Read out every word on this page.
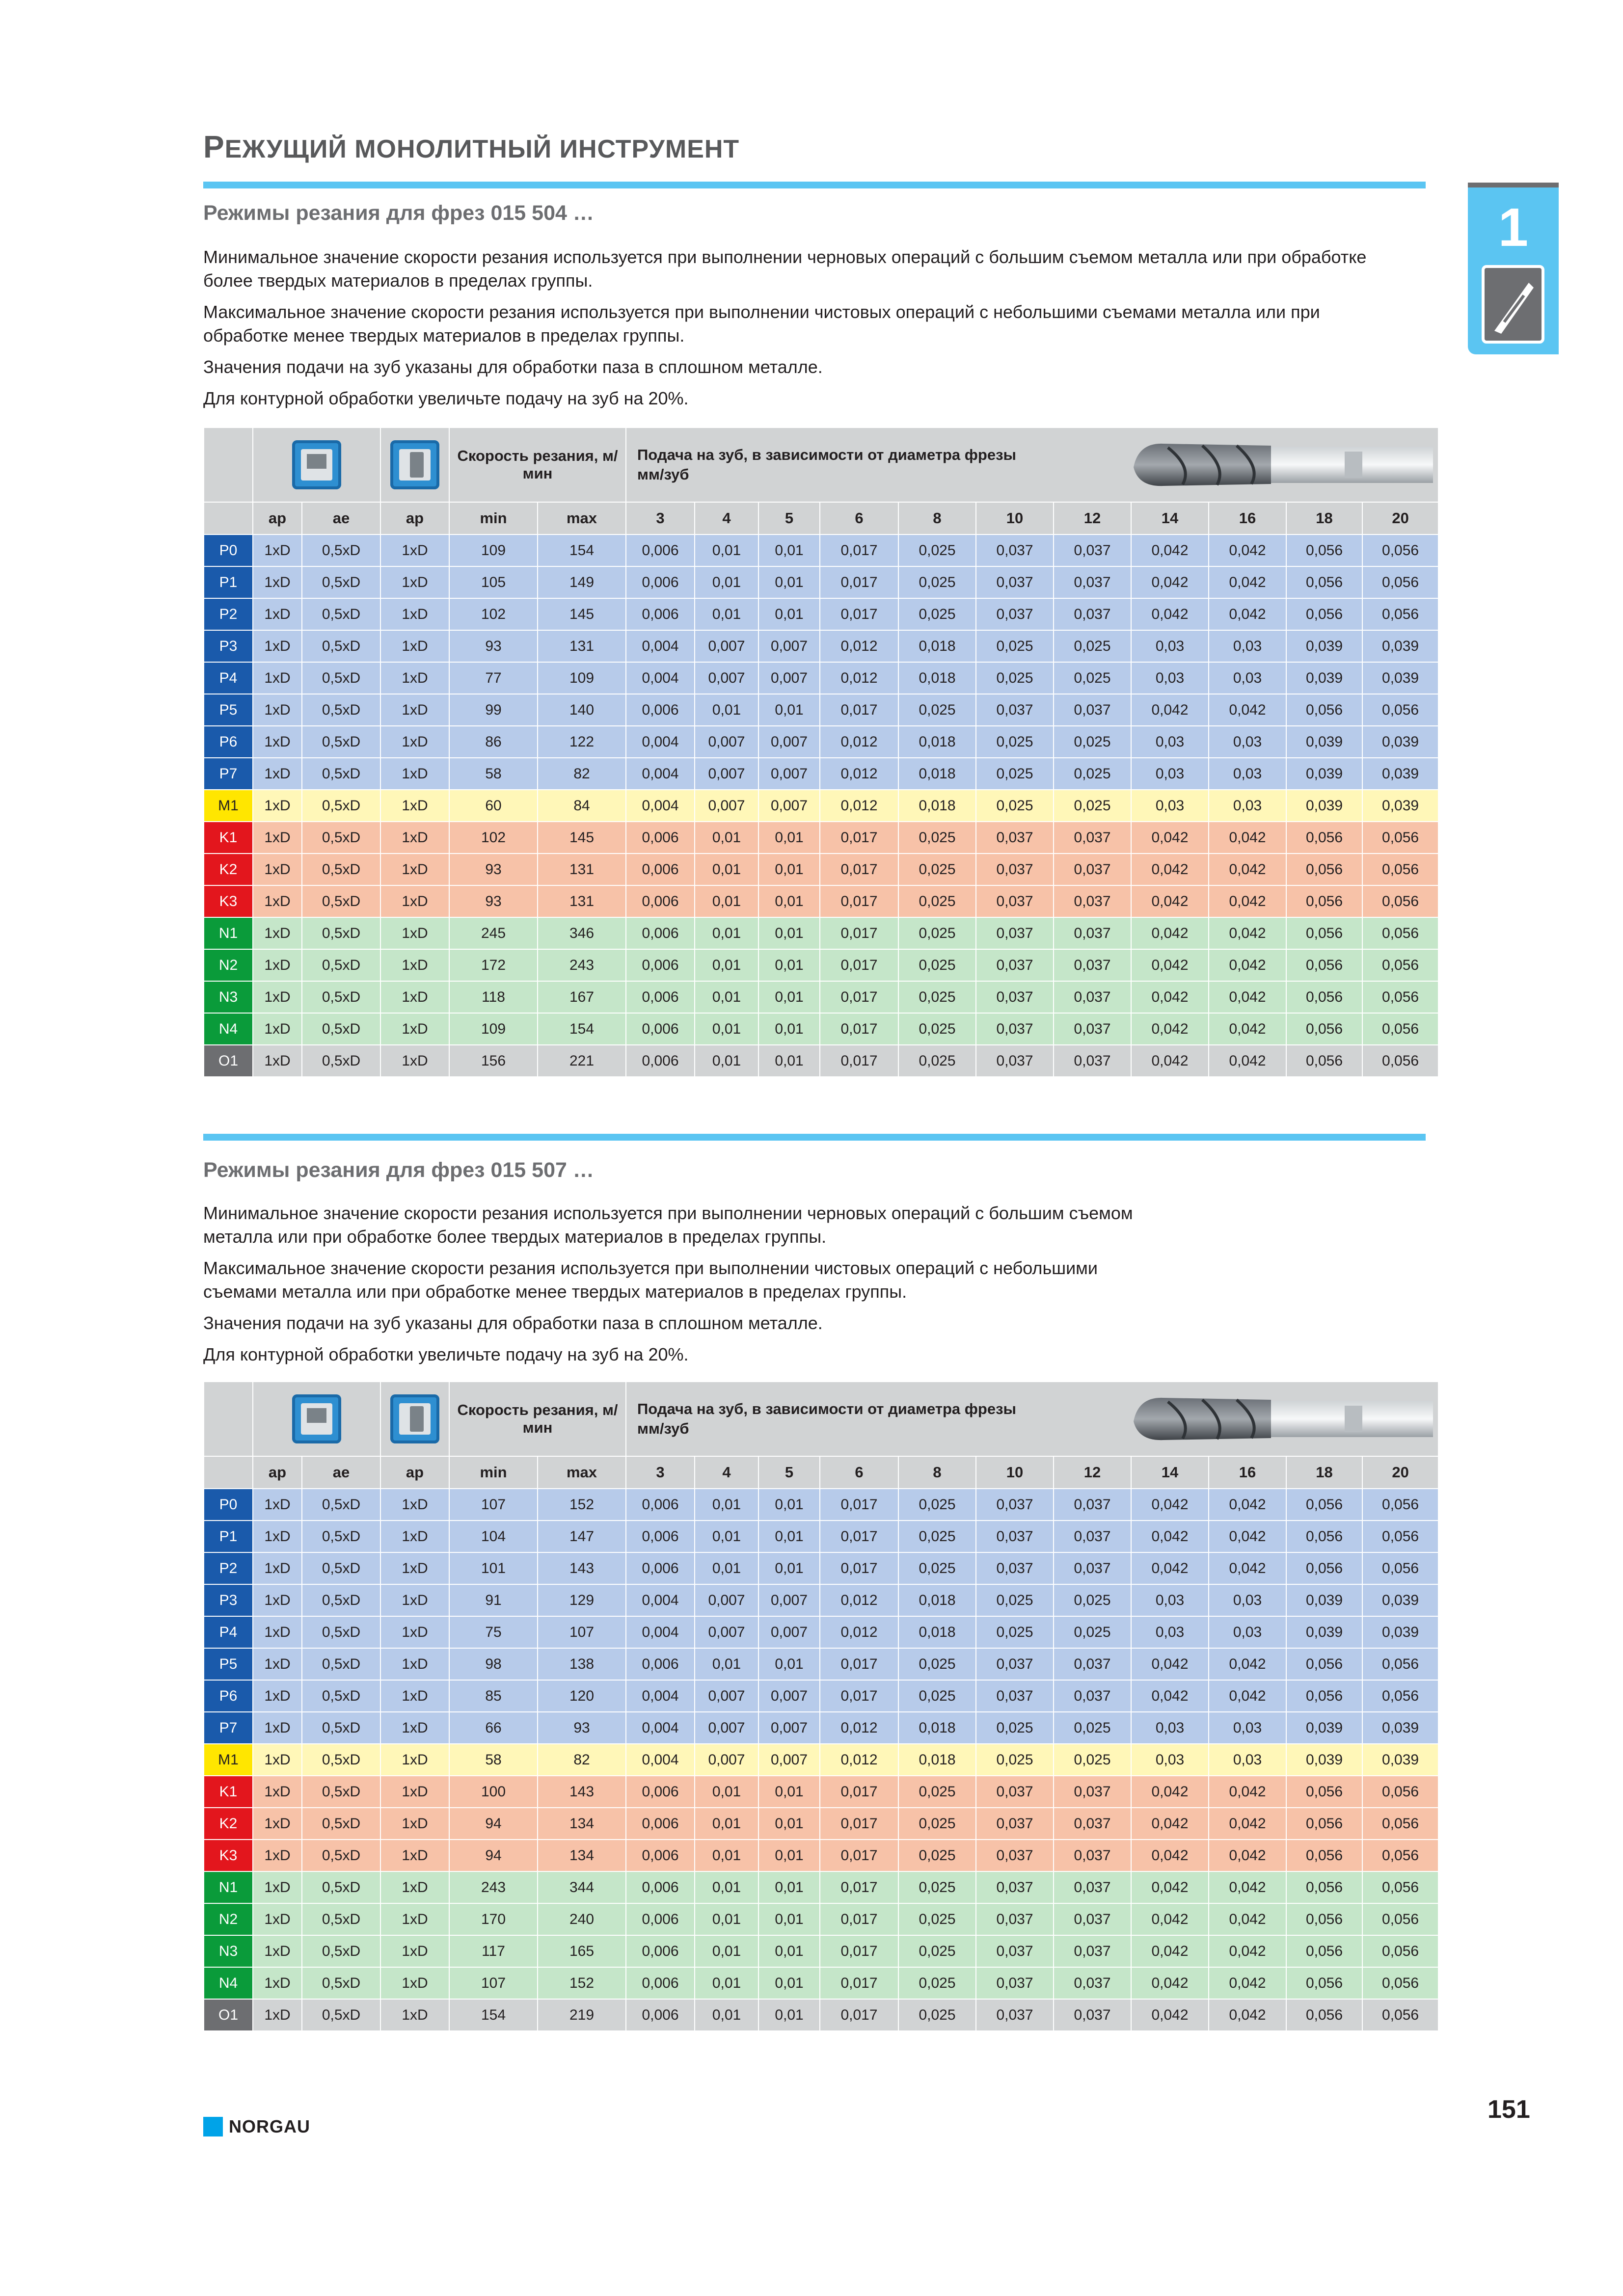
РЕЖУЩИЙ МОНОЛИТНЫЙ ИНСТРУМЕНТ
1
Режимы резания для фрез 015 504 …

Минимальное значение скорости резания используется при выполнении черновых операций с большим съемом металла или при обработке более твердых материалов в пределах группы.

Максимальное значение скорости резания используется при выполнении чистовых операций с небольшими съемами металла или при обработке менее твердых материалов в пределах группы.

Значения подачи на зуб указаны для обработки паза в сплошном металле.

Для контурной обработки увеличьте подачу на зуб на 20%.

		Скорость резания, м/мин		Подача на зуб, в зависимости от диаметра фрезы
мм/зуб										

	ap	ae	ap	min	max	3	4	5	6	8	10	12	14	16	18	20
P0	1xD	0,5xD	1xD	109	154	0,006	0,01	0,01	0,017	0,025	0,037	0,037	0,042	0,042	0,056	0,056
P1	1xD	0,5xD	1xD	105	149	0,006	0,01	0,01	0,017	0,025	0,037	0,037	0,042	0,042	0,056	0,056
P2	1xD	0,5xD	1xD	102	145	0,006	0,01	0,01	0,017	0,025	0,037	0,037	0,042	0,042	0,056	0,056
P3	1xD	0,5xD	1xD	93	131	0,004	0,007	0,007	0,012	0,018	0,025	0,025	0,03	0,03	0,039	0,039
P4	1xD	0,5xD	1xD	77	109	0,004	0,007	0,007	0,012	0,018	0,025	0,025	0,03	0,03	0,039	0,039
P5	1xD	0,5xD	1xD	99	140	0,006	0,01	0,01	0,017	0,025	0,037	0,037	0,042	0,042	0,056	0,056
P6	1xD	0,5xD	1xD	86	122	0,004	0,007	0,007	0,012	0,018	0,025	0,025	0,03	0,03	0,039	0,039
P7	1xD	0,5xD	1xD	58	82	0,004	0,007	0,007	0,012	0,018	0,025	0,025	0,03	0,03	0,039	0,039
M1	1xD	0,5xD	1xD	60	84	0,004	0,007	0,007	0,012	0,018	0,025	0,025	0,03	0,03	0,039	0,039
K1	1xD	0,5xD	1xD	102	145	0,006	0,01	0,01	0,017	0,025	0,037	0,037	0,042	0,042	0,056	0,056
K2	1xD	0,5xD	1xD	93	131	0,006	0,01	0,01	0,017	0,025	0,037	0,037	0,042	0,042	0,056	0,056
K3	1xD	0,5xD	1xD	93	131	0,006	0,01	0,01	0,017	0,025	0,037	0,037	0,042	0,042	0,056	0,056
N1	1xD	0,5xD	1xD	245	346	0,006	0,01	0,01	0,017	0,025	0,037	0,037	0,042	0,042	0,056	0,056
N2	1xD	0,5xD	1xD	172	243	0,006	0,01	0,01	0,017	0,025	0,037	0,037	0,042	0,042	0,056	0,056
N3	1xD	0,5xD	1xD	118	167	0,006	0,01	0,01	0,017	0,025	0,037	0,037	0,042	0,042	0,056	0,056
N4	1xD	0,5xD	1xD	109	154	0,006	0,01	0,01	0,017	0,025	0,037	0,037	0,042	0,042	0,056	0,056
O1	1xD	0,5xD	1xD	156	221	0,006	0,01	0,01	0,017	0,025	0,037	0,037	0,042	0,042	0,056	0,056
Режимы резания для фрез 015 507 …

Минимальное значение скорости резания используется при выполнении черновых операций с большим съемом металла или при обработке более твердых материалов в пределах группы.

Максимальное значение скорости резания используется при выполнении чистовых операций с небольшими съемами металла или при обработке менее твердых материалов в пределах группы.

Значения подачи на зуб указаны для обработки паза в сплошном металле.

Для контурной обработки увеличьте подачу на зуб на 20%.

		Скорость резания, м/мин		Подача на зуб, в зависимости от диаметра фрезы
мм/зуб										

	ap	ae	ap	min	max	3	4	5	6	8	10	12	14	16	18	20
P0	1xD	0,5xD	1xD	107	152	0,006	0,01	0,01	0,017	0,025	0,037	0,037	0,042	0,042	0,056	0,056
P1	1xD	0,5xD	1xD	104	147	0,006	0,01	0,01	0,017	0,025	0,037	0,037	0,042	0,042	0,056	0,056
P2	1xD	0,5xD	1xD	101	143	0,006	0,01	0,01	0,017	0,025	0,037	0,037	0,042	0,042	0,056	0,056
P3	1xD	0,5xD	1xD	91	129	0,004	0,007	0,007	0,012	0,018	0,025	0,025	0,03	0,03	0,039	0,039
P4	1xD	0,5xD	1xD	75	107	0,004	0,007	0,007	0,012	0,018	0,025	0,025	0,03	0,03	0,039	0,039
P5	1xD	0,5xD	1xD	98	138	0,006	0,01	0,01	0,017	0,025	0,037	0,037	0,042	0,042	0,056	0,056
P6	1xD	0,5xD	1xD	85	120	0,004	0,007	0,007	0,017	0,025	0,037	0,037	0,042	0,042	0,056	0,056
P7	1xD	0,5xD	1xD	66	93	0,004	0,007	0,007	0,012	0,018	0,025	0,025	0,03	0,03	0,039	0,039
M1	1xD	0,5xD	1xD	58	82	0,004	0,007	0,007	0,012	0,018	0,025	0,025	0,03	0,03	0,039	0,039
K1	1xD	0,5xD	1xD	100	143	0,006	0,01	0,01	0,017	0,025	0,037	0,037	0,042	0,042	0,056	0,056
K2	1xD	0,5xD	1xD	94	134	0,006	0,01	0,01	0,017	0,025	0,037	0,037	0,042	0,042	0,056	0,056
K3	1xD	0,5xD	1xD	94	134	0,006	0,01	0,01	0,017	0,025	0,037	0,037	0,042	0,042	0,056	0,056
N1	1xD	0,5xD	1xD	243	344	0,006	0,01	0,01	0,017	0,025	0,037	0,037	0,042	0,042	0,056	0,056
N2	1xD	0,5xD	1xD	170	240	0,006	0,01	0,01	0,017	0,025	0,037	0,037	0,042	0,042	0,056	0,056
N3	1xD	0,5xD	1xD	117	165	0,006	0,01	0,01	0,017	0,025	0,037	0,037	0,042	0,042	0,056	0,056
N4	1xD	0,5xD	1xD	107	152	0,006	0,01	0,01	0,017	0,025	0,037	0,037	0,042	0,042	0,056	0,056
O1	1xD	0,5xD	1xD	154	219	0,006	0,01	0,01	0,017	0,025	0,037	0,037	0,042	0,042	0,056	0,056
NORGAU
151
